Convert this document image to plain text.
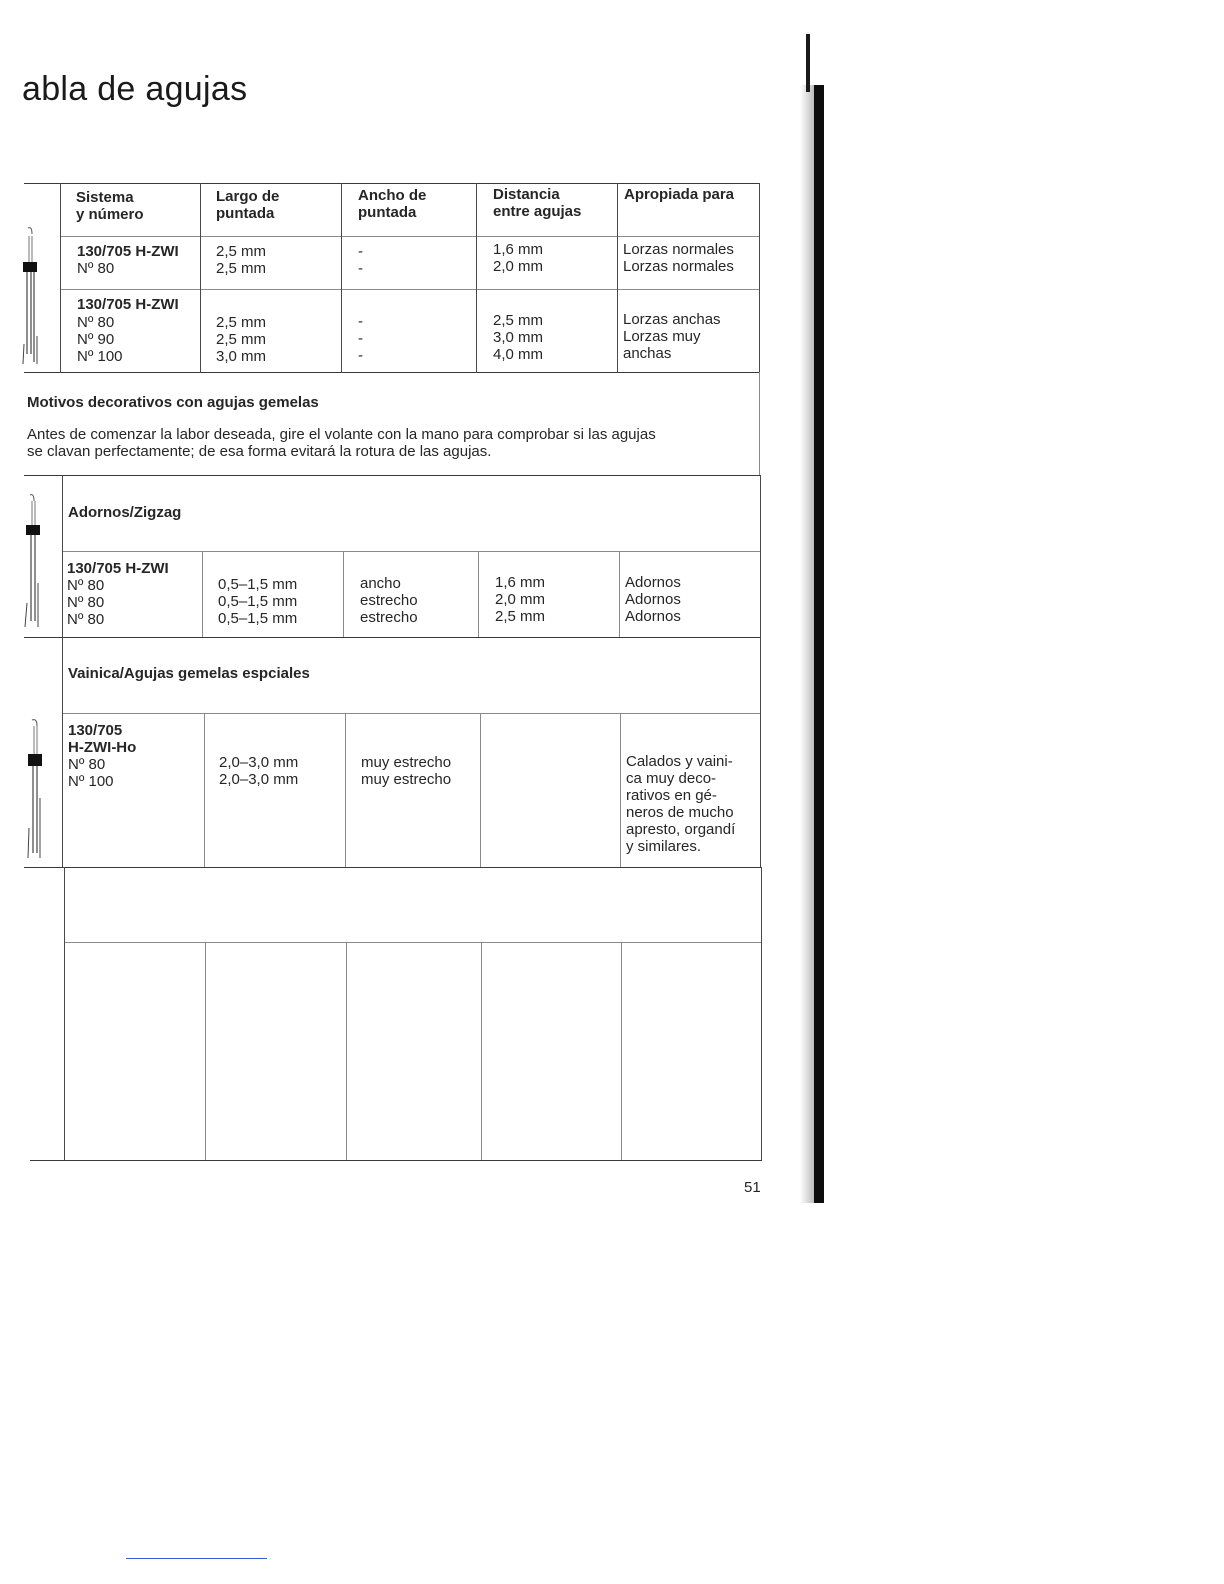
abla de agujas
Sistema
y número
Largo de
puntada
Ancho de
puntada
Distancia
entre agujas
Apropiada para
130/705 H-ZWI
Nº 80
2,5 mm
2,5 mm
-
-
1,6 mm
2,0 mm
Lorzas normales
Lorzas normales
130/705 H-ZWI
Nº 80
Nº 90
Nº 100
2,5 mm
2,5 mm
3,0 mm
-
-
-
2,5 mm
3,0 mm
4,0 mm
Lorzas anchas
Lorzas muy
anchas
Motivos decorativos con agujas gemelas
Antes de comenzar la labor deseada, gire el volante con la mano para comprobar si las agujas
se clavan perfectamente; de esa forma evitará la rotura de las agujas.
Adornos/Zigzag
130/705 H-ZWI
Nº 80
Nº 80
Nº 80
0,5–1,5 mm
0,5–1,5 mm
0,5–1,5 mm
ancho
estrecho
estrecho
1,6 mm
2,0 mm
2,5 mm
Adornos
Adornos
Adornos
Vainica/Agujas gemelas espciales
130/705
H-ZWI-Ho
Nº 80
Nº 100
2,0–3,0 mm
2,0–3,0 mm
muy estrecho
muy estrecho
Calados y vaini-
ca muy deco-
rativos en gé-
neros de mucho
apresto, organdí
y similares.
51
